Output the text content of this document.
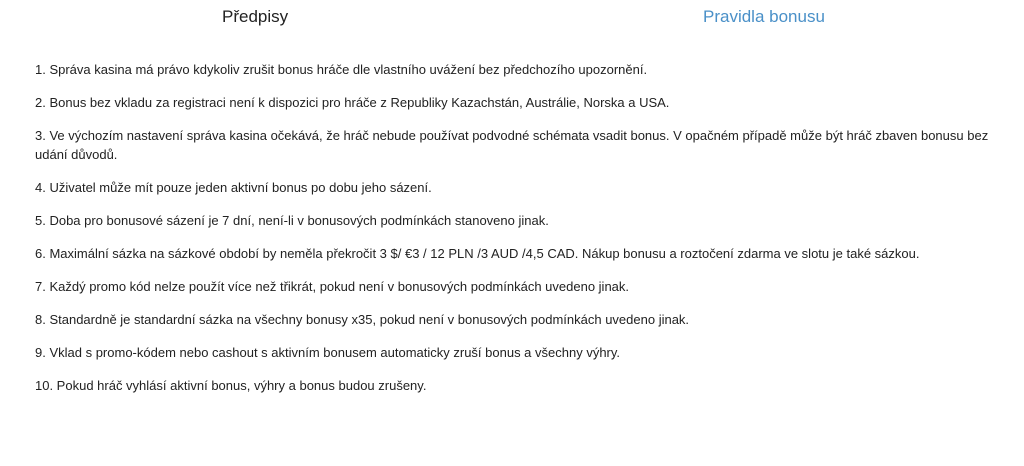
Předpisy	Pravidla bonusu
1. Správa kasina má právo kdykoliv zrušit bonus hráče dle vlastního uvážení bez předchozího upozornění.
2. Bonus bez vkladu za registraci není k dispozici pro hráče z Republiky Kazachstán, Austrálie, Norska a USA.
3. Ve výchozím nastavení správa kasina očekává, že hráč nebude používat podvodné schémata vsadit bonus. V opačném případě může být hráč zbaven bonusu bez udání důvodů.
4. Uživatel může mít pouze jeden aktivní bonus po dobu jeho sázení.
5. Doba pro bonusové sázení je 7 dní, není-li v bonusových podmínkách stanoveno jinak.
6. Maximální sázka na sázkové období by neměla překročit 3 $/ €3 / 12 PLN /3 AUD /4,5 CAD. Nákup bonusu a roztočení zdarma ve slotu je také sázkou.
7. Každý promo kód nelze použít více než třikrát, pokud není v bonusových podmínkách uvedeno jinak.
8. Standardně je standardní sázka na všechny bonusy x35, pokud není v bonusových podmínkách uvedeno jinak.
9. Vklad s promo-kódem nebo cashout s aktivním bonusem automaticky zruší bonus a všechny výhry.
10. Pokud hráč vyhlásí aktivní bonus, výhry a bonus budou zrušeny.
